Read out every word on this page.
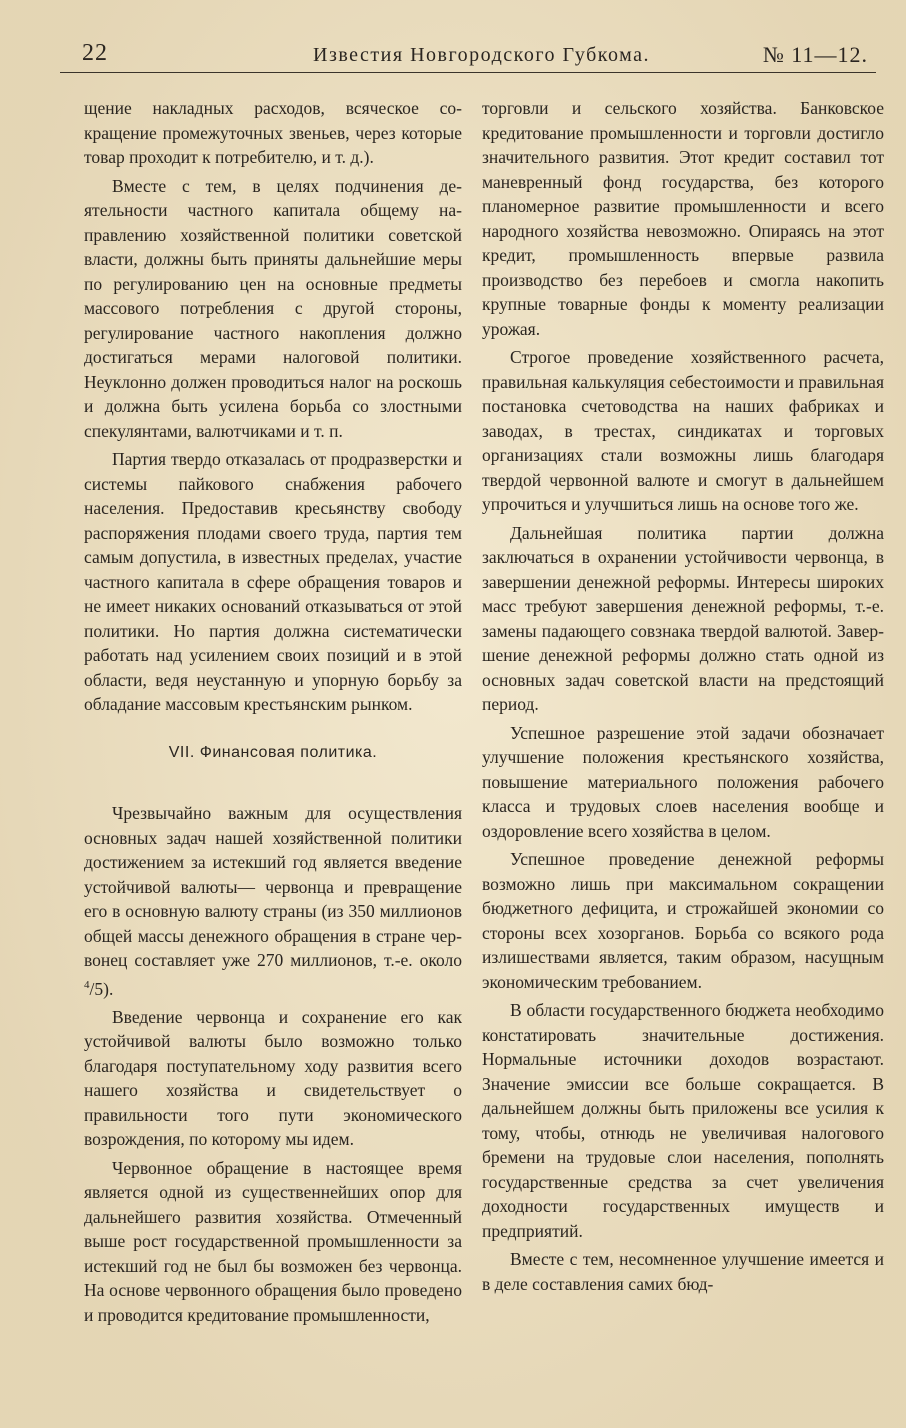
22	Известия Новгородского Губкома.	№ 11—12.

щение накладных расходов, всяческое сокращение промежуточных звеньев, через которые товар проходит к потребителю, и т. д.).

Вместе с тем, в целях подчинения деятельности частного капитала общему направлению хозяйственной политики советской власти, должны быть приняты дальнейшие меры по регулированию цен на основные предметы массового потребления с другой стороны, регулирование частного накопления должно достигаться мерами налоговой политики. Неуклонно должен проводиться налог на роскошь и должна быть усилена борьба со злостными спекулянтами, валютчиками и т. п.

Партия твердо отказалась от продразверстки и системы пайкового снабжения рабочего населения. Предоставив кресьянству свободу распоряжения плодами своего труда, партия тем самым допустила, в известных пределах, участие частного капитала в сфере обращения товаров и не имеет никаких оснований отказываться от этой политики. Но партия должна систематически работать над усилением своих позиций и в этой области, ведя неустанную и упорную борьбу за обладание массовым крестьянским рынком.

VII. Финансовая политика.

Чрезвычайно важным для осуществления основных задач нашей хозяйственной политики достижением за истекший год является введение устойчивой валюты— червонца и превращение его в основную валюту страны (из 350 миллионов общей массы денежного обращения в стране червонец составляет уже 270 миллионов, т.-е. около $^4$/5).

Введение червонца и сохранение его как устойчивой валюты было возможно только благодаря поступательному ходу развития всего нашего хозяйства и свидетельствует о правильности того пути экономического возрождения, по которому мы идем.

Червонное обращение в настоящее время является одной из существеннейших опор для дальнейшего развития хозяйства. Отмеченный выше рост государственной промышленности за истекший год не был бы возможен без червонца. На основе червонного обращения было проведено и проводится кредитование промышленности,

торговли и сельского хозяйства. Банковское кредитование промышленности и торговли достигло значительного развития. Этот кредит составил тот маневренный фонд государства, без которого планомерное развитие промышленности и всего народного хозяйства невозможно. Опираясь на этот кредит, промышленность впервые развила производство без перебоев и смогла накопить крупные товарные фонды к моменту реализации урожая.

Строгое проведение хозяйственного расчета, правильная калькуляция себестоимости и правильная постановка счетоводства на наших фабриках и заводах, в трестах, синдикатах и торговых организациях стали возможны лишь благодаря твердой червонной валюте и смогут в дальнейшем упрочиться и улучшиться лишь на основе того же.

Дальнейшая политика партии должна заключаться в охранении устойчивости червонца, в завершении денежной реформы. Интересы широких масс требуют завершения денежной реформы, т.-е. замены падающего совзнака твердой валютой. Завершение денежной реформы должно стать одной из основных задач советской власти на предстоящий период.

Успешное разрешение этой задачи обозначает улучшение положения крестьянского хозяйства, повышение материального положения рабочего класса и трудовых слоев населения вообще и оздоровление всего хозяйства в целом.

Успешное проведение денежной реформы возможно лишь при максимальном сокращении бюджетного дефицита, и строжайшей экономии со стороны всех хозорганов. Борьба со всякого рода излишествами является, таким образом, насущным экономическим требованием.

В области государственного бюджета необходимо констатировать значительные достижения. Нормальные источники доходов возрастают. Значение эмиссии все больше сокращается. В дальнейшем должны быть приложены все усилия к тому, чтобы, отнюдь не увеличивая налогового бремени на трудовые слои населения, пополнять государственные средства за счет увеличения доходности государственных имуществ и предприятий.

Вместе с тем, несомненное улучшение имеется и в деле составления самих бюд-
